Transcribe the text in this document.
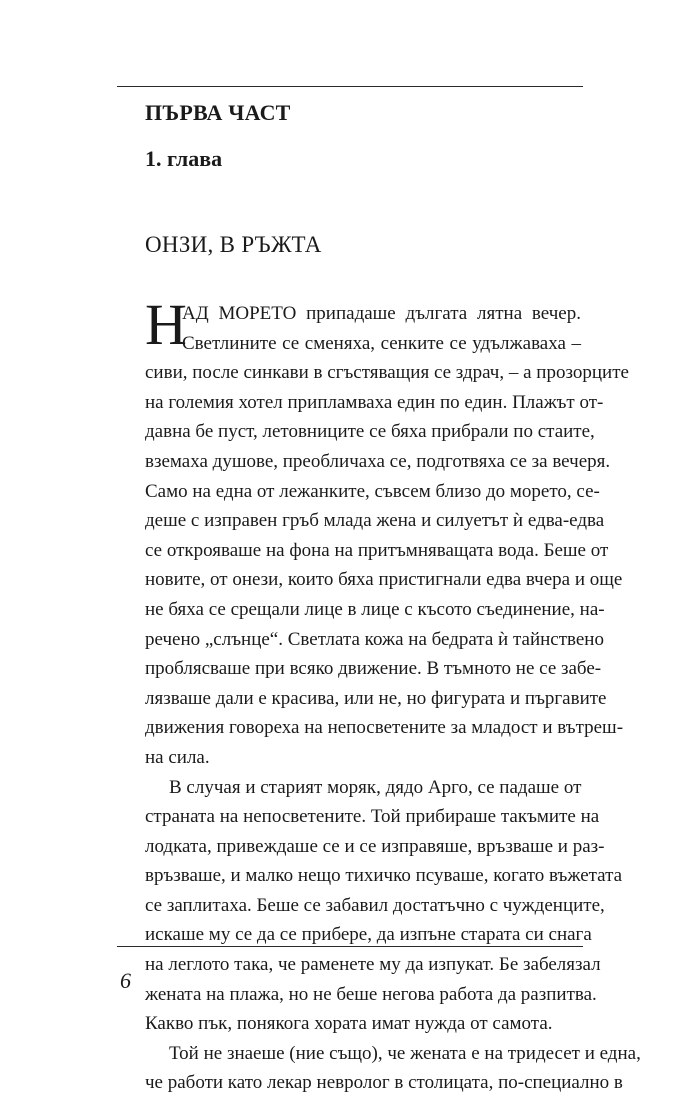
ПЪРВА ЧАСТ
1. глава
ОНЗИ, В РЪЖТА
Н
АД МОРЕТО припадаше дългата лятна вечер.
Светлините се сменяха, сенките се удължаваха –
сиви, после синкави в сгъстяващия се здрач, – а прозорците
на големия хотел припламваха един по един. Плажът от-
давна бе пуст, летовниците се бяха прибрали по стаите,
вземаха душове, преобличаха се, подготвяха се за вечеря.
Само на една от лежанките, съвсем близо до морето, се-
деше с изправен гръб млада жена и силуетът ѝ едва-едва
се открояваше на фона на притъмняващата вода. Беше от
новите, от онези, които бяха пристигнали едва вчера и още
не бяха се срещали лице в лице с късото съединение, на-
речено „слънце“. Светлата кожа на бедрата ѝ тайнствено
проблясваше при всяко движение. В тъмното не се забе-
лязваше дали е красива, или не, но фигурата и пъргавите
движения говореха на непосветените за младост и вътреш-
на сила.
В случая и старият моряк, дядо Арго, се падаше от
страната на непосветените. Той прибираше такъмите на
лодката, привеждаше се и се изправяше, връзваше и раз-
връзваше, и малко нещо тихичко псуваше, когато въжетата
се заплитаха. Беше се забавил достатъчно с чужденците,
искаше му се да се прибере, да изпъне старата си снага
на леглото така, че раменете му да изпукат. Бе забелязал
жената на плажа, но не беше негова работа да разпитва.
Какво пък, понякога хората имат нужда от самота.
Той не знаеше (ние също), че жената е на тридесет и една,
че работи като лекар невролог в столицата, по-специално в
6
